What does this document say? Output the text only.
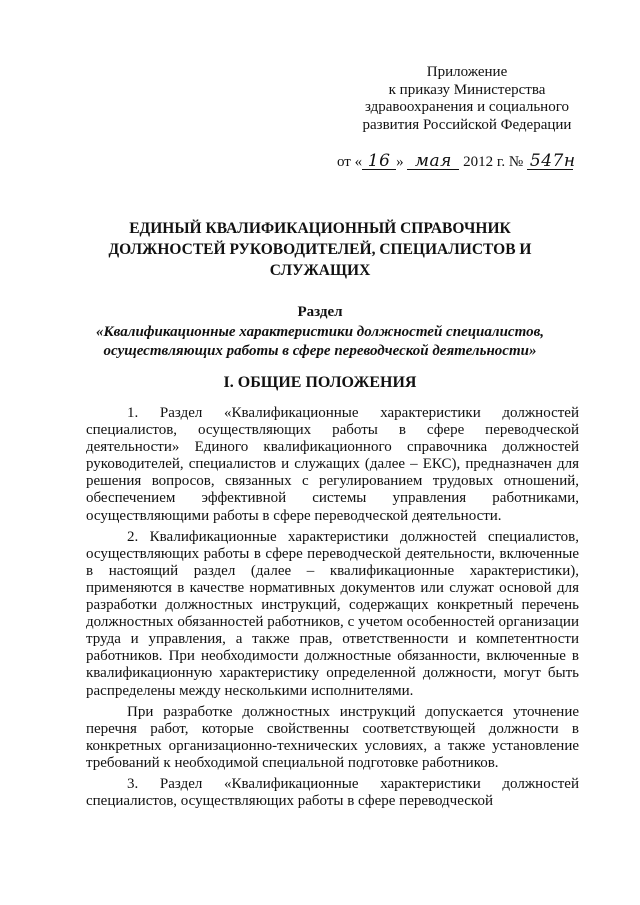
Приложение
к приказу Министерства
здравоохранения и социального
развития Российской Федерации
от « 16 » мая 2012 г. № 547н
ЕДИНЫЙ КВАЛИФИКАЦИОННЫЙ СПРАВОЧНИК ДОЛЖНОСТЕЙ РУКОВОДИТЕЛЕЙ, СПЕЦИАЛИСТОВ И СЛУЖАЩИХ
Раздел
«Квалификационные характеристики должностей специалистов, осуществляющих работы в сфере переводческой деятельности»
I. ОБЩИЕ ПОЛОЖЕНИЯ

1. Раздел «Квалификационные характеристики должностей специалистов, осуществляющих работы в сфере переводческой деятельности» Единого квалификационного справочника должностей руководителей, специалистов и служащих (далее – ЕКС), предназначен для решения вопросов, связанных с регулированием трудовых отношений, обеспечением эффективной системы управления работниками, осуществляющими работы в сфере переводческой деятельности.

2. Квалификационные характеристики должностей специалистов, осуществляющих работы в сфере переводческой деятельности, включенные в настоящий раздел (далее – квалификационные характеристики), применяются в качестве нормативных документов или служат основой для разработки должностных инструкций, содержащих конкретный перечень должностных обязанностей работников, с учетом особенностей организации труда и управления, а также прав, ответственности и компетентности работников. При необходимости должностные обязанности, включенные в квалификационную характеристику определенной должности, могут быть распределены между несколькими исполнителями.

При разработке должностных инструкций допускается уточнение перечня работ, которые свойственны соответствующей должности в конкретных организационно-технических условиях, а также установление требований к необходимой специальной подготовке работников.

3. Раздел «Квалификационные характеристики должностей специалистов, осуществляющих работы в сфере переводческой
